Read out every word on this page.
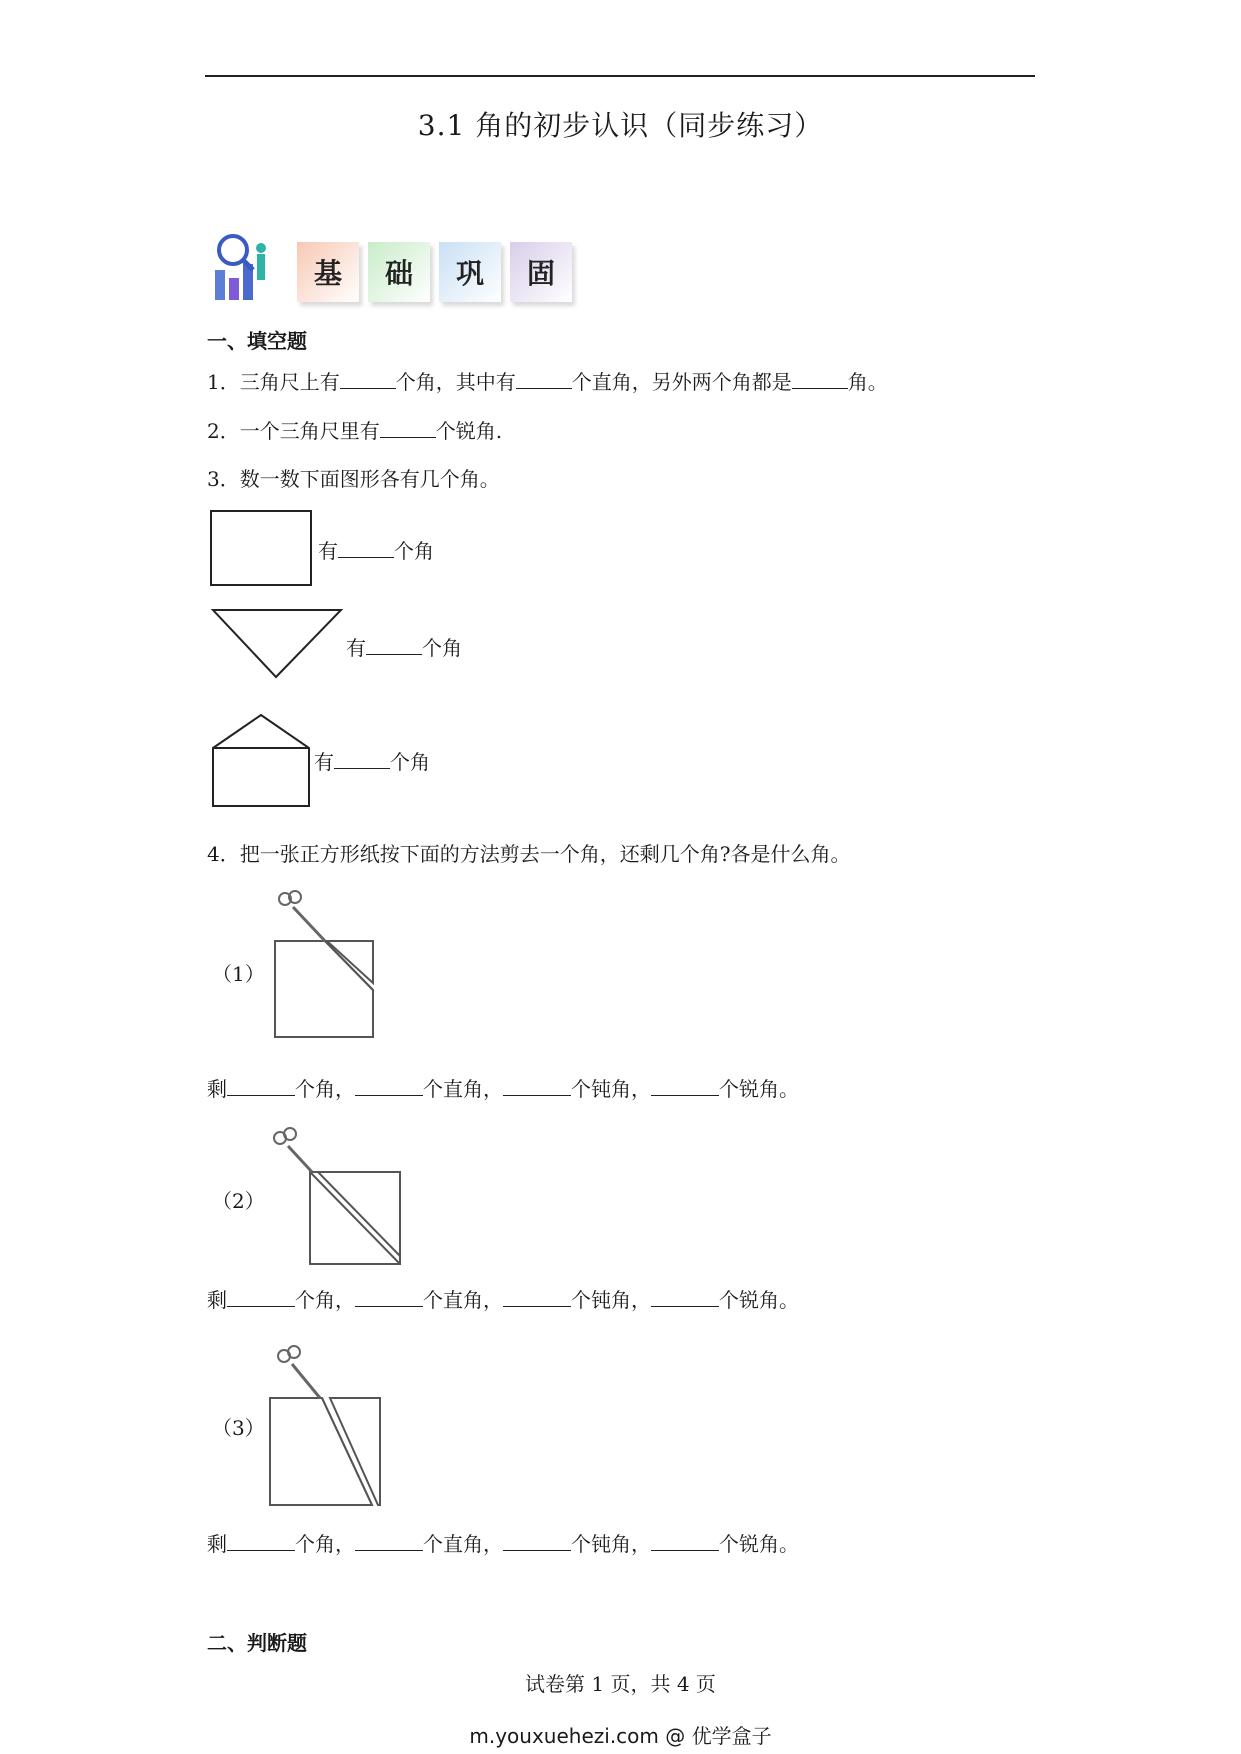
3.1 角的初步认识（同步练习）
基 础 巩 固
一、填空题
1．三角尺上有	个角，其中有	个直角，另外两个角都是	角。
2．一个三角尺里有	个锐角.
3．数一数下面图形各有几个角。
有	个角
有	个角
有	个角
4．把一张正方形纸按下面的方法剪去一个角，还剩几个角?各是什么角。
（1）
剩	个角，	个直角，	个钝角，	个锐角。
（2）
剩	个角，	个直角，	个钝角，	个锐角。
（3）
剩	个角，	个直角，	个钝角，	个锐角。
二、判断题
试卷第 1 页，共 4 页
m.youxuehezi.com @ 优学盒子
